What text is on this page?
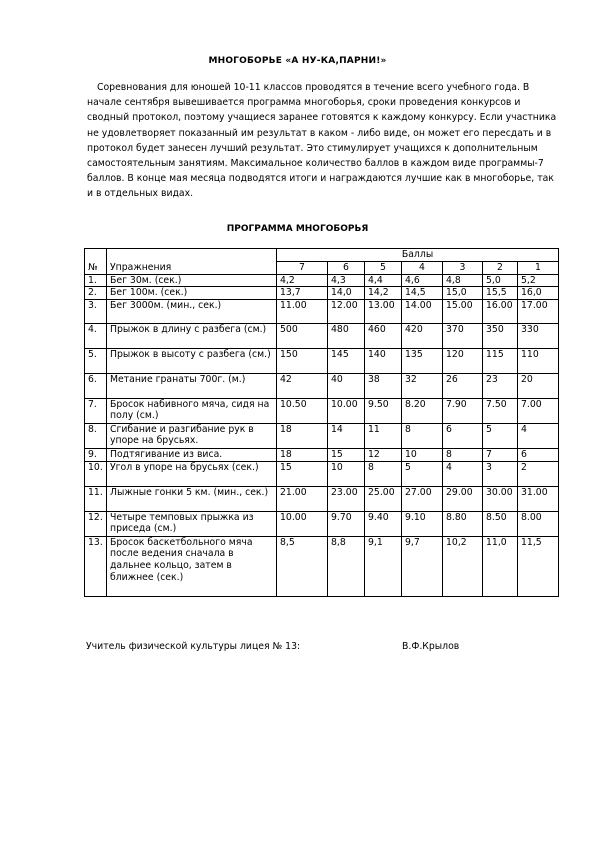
МНОГОБОРЬЕ «А НУ-КА,ПАРНИ!»

Соревнования для юношей 10-11 классов проводятся в течение всего учебного года. В начале сентября вывешивается программа многоборья, сроки проведения конкурсов и сводный протокол, поэтому учащиеся заранее готовятся к каждому конкурсу. Если участника не удовлетворяет показанный им результат в каком - либо виде, он может его пересдать и в протокол будет занесен лучший результат. Это стимулирует учащихся к дополнительным самостоятельным занятиям. Максимальное количество баллов в каждом виде программы-7 баллов. В конце мая месяца подводятся итоги и награждаются лучшие как в многоборье, так и в отдельных видах.

ПРОГРАММА МНОГОБОРЬЯ
№	Упражнения	Баллы						
		7	6	5	4	3	2	1
1.	Бег 30м. (сек.)	4,2	4,3	4,4	4,6	4,8	5,0	5,2
2.	Бег 100м. (сек.)	13,7	14,0	14,2	14,5	15,0	15,5	16,0
3.	Бег 3000м. (мин., сек.)	11.00	12.00	13.00	14.00	15.00	16.00	17.00
4.	Прыжок в длину с разбега (см.)	500	480	460	420	370	350	330
5.	Прыжок в высоту с разбега (см.)	150	145	140	135	120	115	110
6.	Метание гранаты 700г. (м.)	42	40	38	32	26	23	20
7.	Бросок набивного мяча, сидя на полу (см.)	10.50	10.00	9.50	8.20	7.90	7.50	7.00
8.	Сгибание и разгибание рук в упоре на брусьях.	18	14	11	8	6	5	4
9.	Подтягивание из виса.	18	15	12	10	8	7	6
10.	Угол в упоре на брусьях (сек.)	15	10	8	5	4	3	2
11.	Лыжные гонки 5 км. (мин., сек.)	21.00	23.00	25.00	27.00	29.00	30.00	31.00
12.	Четыре темповых прыжка из приседа (см.)	10.00	9.70	9.40	9.10	8.80	8.50	8.00
13.	Бросок баскетбольного мяча после ведения сначала в дальнее кольцо, затем в ближнее (сек.)	8,5	8,8	9,1	9,7	10,2	11,0	11,5
Учитель физической культуры лицея № 13:	В.Ф.Крылов
